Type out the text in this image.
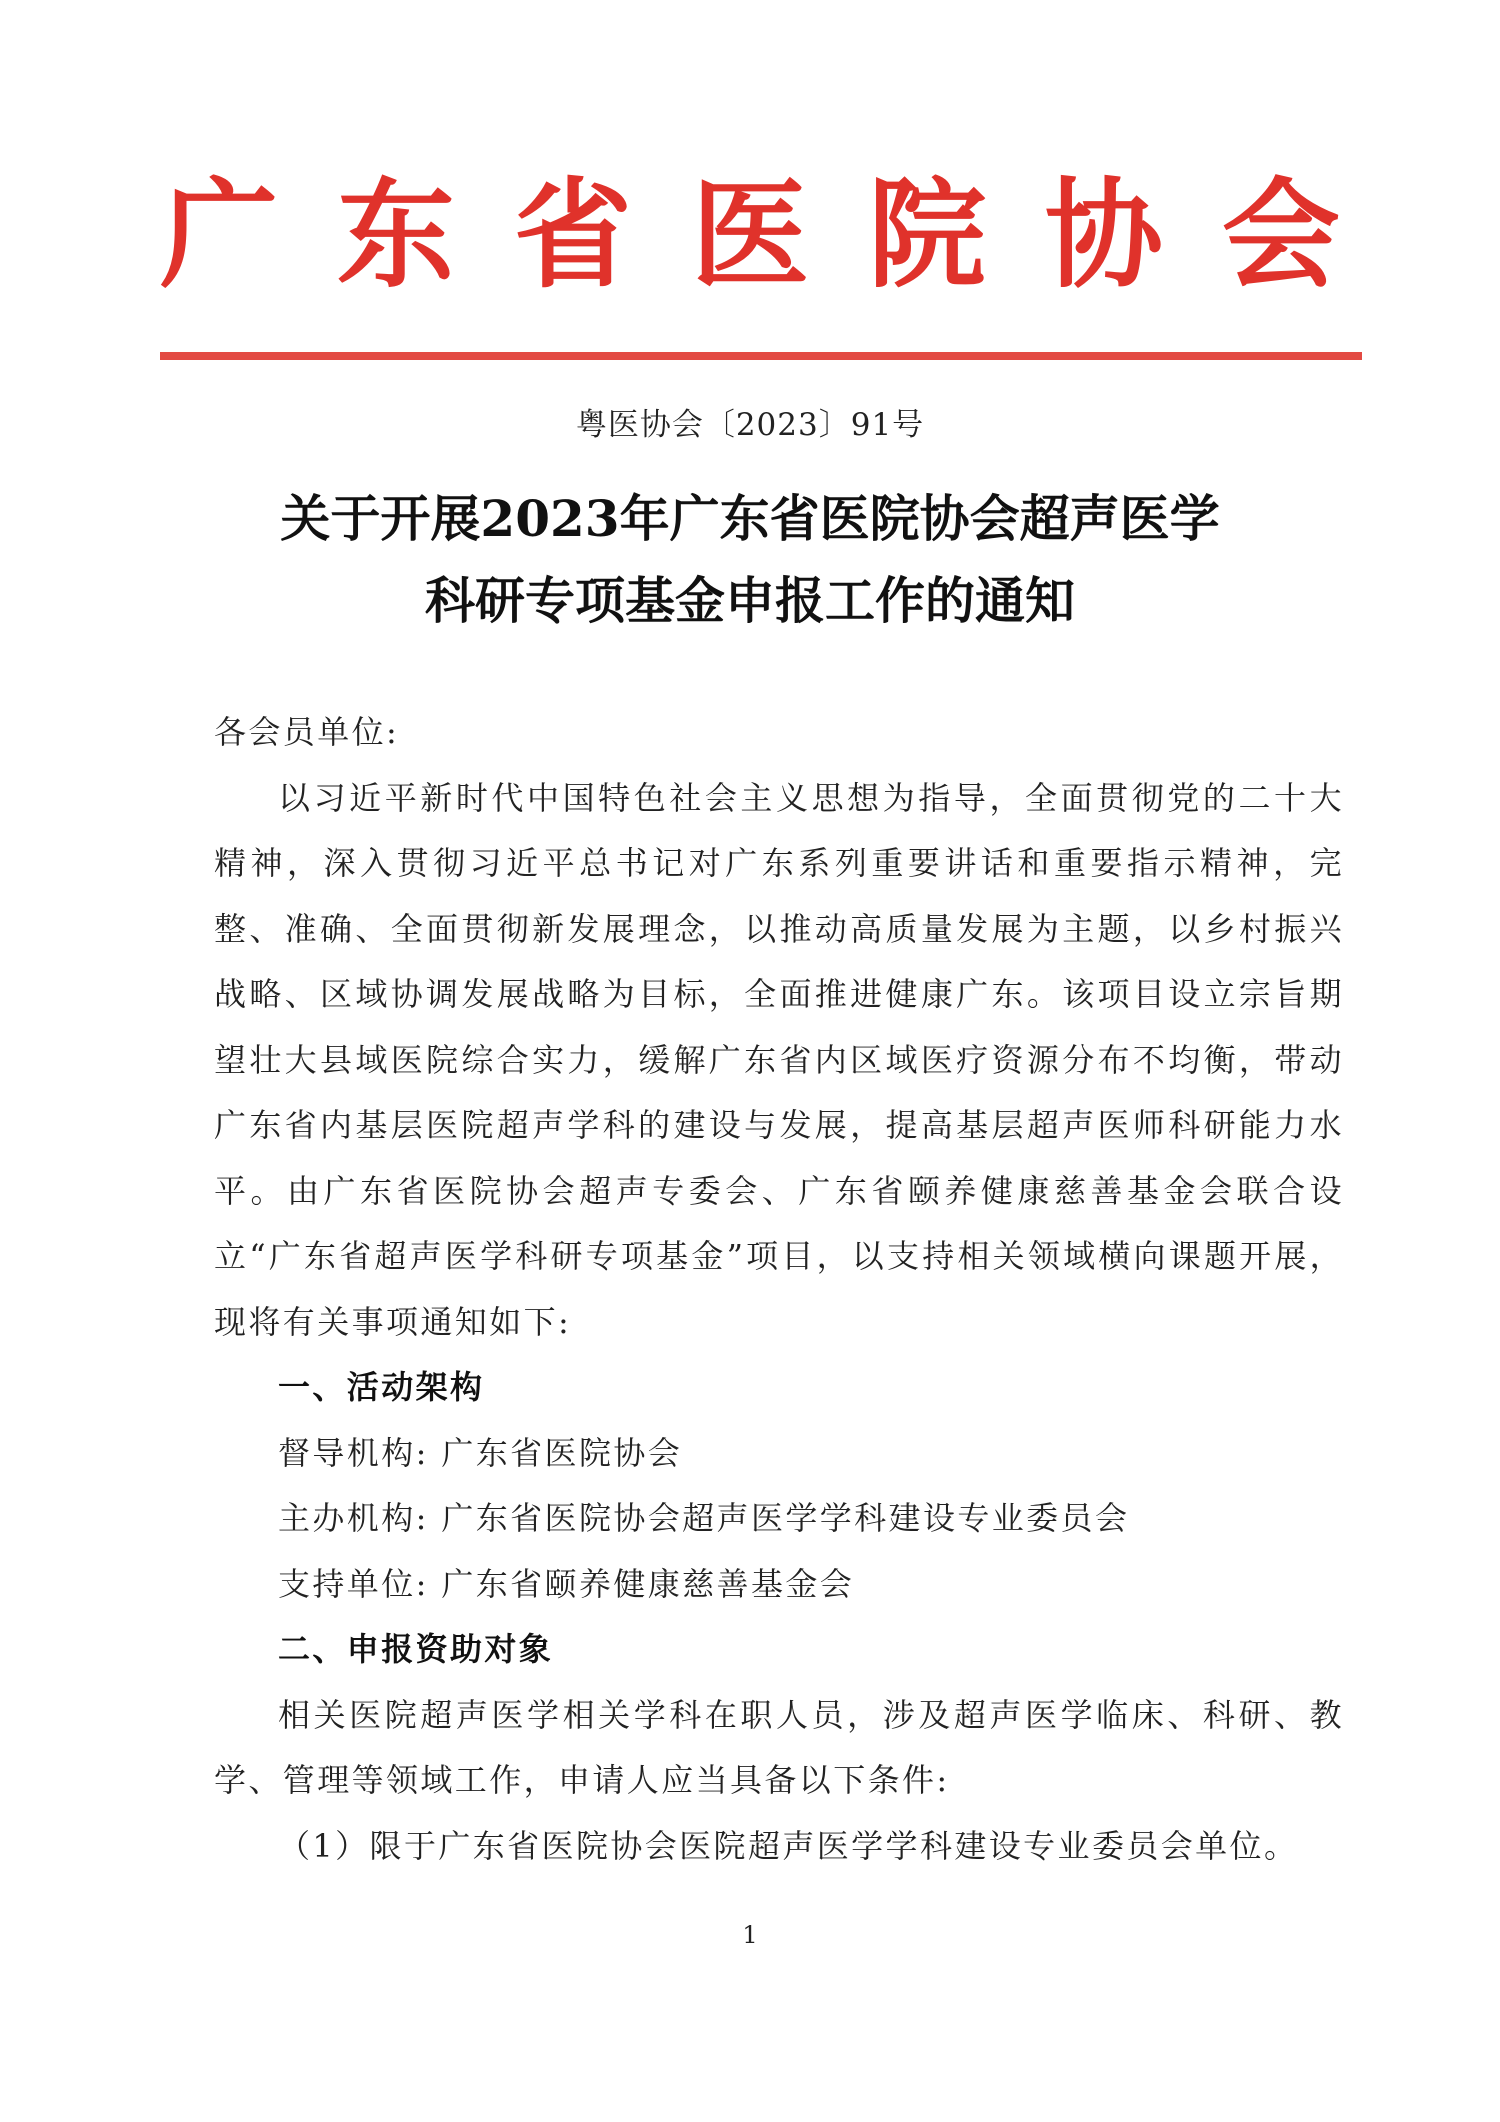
广 东 省 医 院 协 会
粤医协会〔2023〕91号
关于开展2023年广东省医院协会超声医学
科研专项基金申报工作的通知

各会员单位:

以习近平新时代中国特色社会主义思想为指导，全面贯彻党的二十大精神，深入贯彻习近平总书记对广东系列重要讲话和重要指示精神，完整、准确、全面贯彻新发展理念，以推动高质量发展为主题，以乡村振兴战略、区域协调发展战略为目标，全面推进健康广东。该项目设立宗旨期望壮大县域医院综合实力，缓解广东省内区域医疗资源分布不均衡，带动广东省内基层医院超声学科的建设与发展，提高基层超声医师科研能力水平。由广东省医院协会超声专委会、广东省颐养健康慈善基金会联合设立“广东省超声医学科研专项基金”项目，以支持相关领域横向课题开展，现将有关事项通知如下:

一、活动架构

督导机构: 广东省医院协会

主办机构: 广东省医院协会超声医学学科建设专业委员会

支持单位: 广东省颐养健康慈善基金会

二、申报资助对象

相关医院超声医学相关学科在职人员，涉及超声医学临床、科研、教学、管理等领域工作，申请人应当具备以下条件:

（1）限于广东省医院协会医院超声医学学科建设专业委员会单位。

1
